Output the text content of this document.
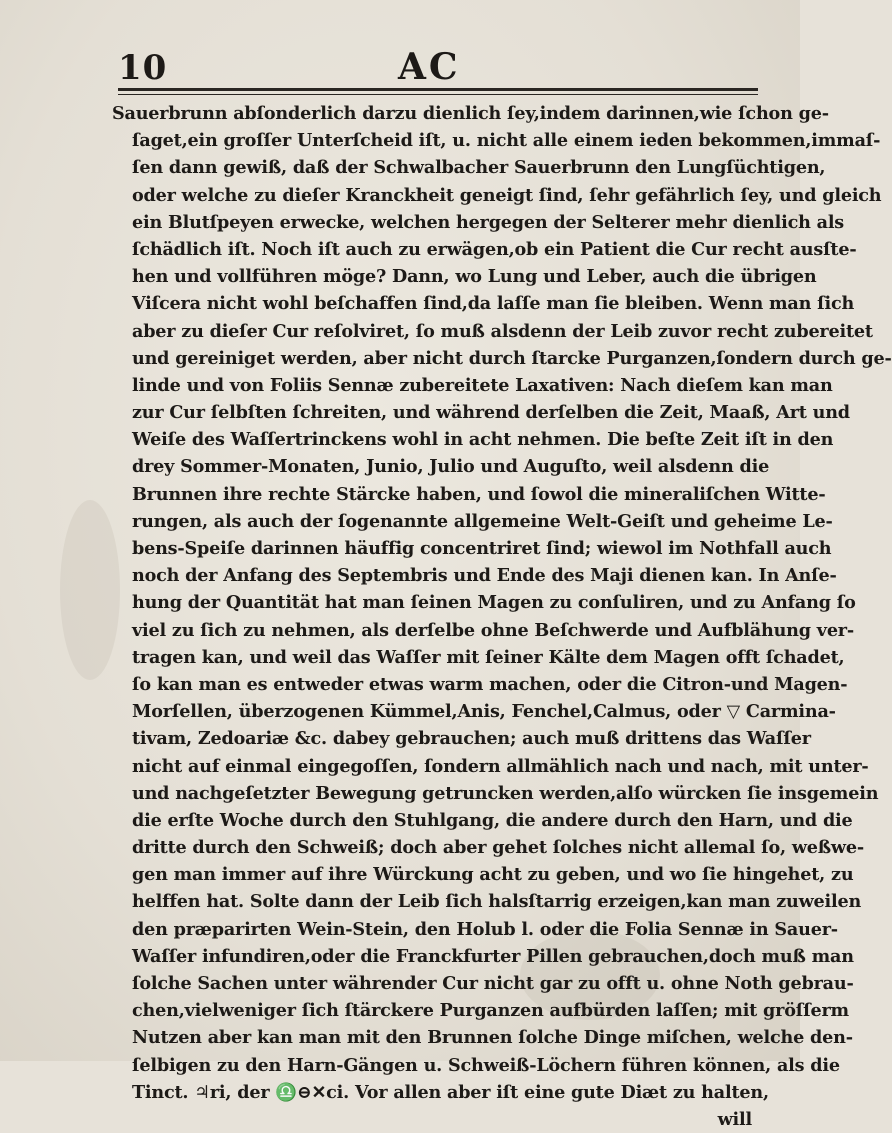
10	AC
Sauerbrunn abſonderlich darzu dienlich ſey,indem darinnen,wie ſchon ge-
ſaget,ein groſſer Unterſcheid iſt, u. nicht alle einem ieden bekommen,immaſ-
ſen dann gewiß, daß der Schwalbacher Sauerbrunn den Lungſüchtigen,
oder welche zu dieſer Kranckheit geneigt ſind, ſehr gefährlich ſey, und gleich
ein Blutſpeyen erwecke, welchen hergegen der Selterer mehr dienlich als
ſchädlich iſt. Noch iſt auch zu erwägen,ob ein Patient die Cur recht ausſte-
hen und vollführen möge? Dann, wo Lung und Leber, auch die übrigen
Viſcera nicht wohl beſchaffen ſind,da laſſe man ſie bleiben. Wenn man ſich
aber zu dieſer Cur reſolviret, ſo muß alsdenn der Leib zuvor recht zubereitet
und gereiniget werden, aber nicht durch ſtarcke Purganzen,ſondern durch ge-
linde und von Foliis Sennæ zubereitete Laxativen: Nach dieſem kan man
zur Cur ſelbſten ſchreiten, und während derſelben die Zeit, Maaß, Art und
Weiſe des Waſſertrinckens wohl in acht nehmen. Die beſte Zeit iſt in den
drey Sommer-Monaten, Junio, Julio und Auguſto, weil alsdenn die
Brunnen ihre rechte Stärcke haben, und ſowol die mineraliſchen Witte-
rungen, als auch der ſogenannte allgemeine Welt-Geiſt und geheime Le-
bens-Speiſe darinnen häuffig concentriret ſind; wiewol im Nothfall auch
noch der Anfang des Septembris und Ende des Maji dienen kan. In Anſe-
hung der Quantität hat man ſeinen Magen zu conſuliren, und zu Anfang ſo
viel zu ſich zu nehmen, als derſelbe ohne Beſchwerde und Aufblähung ver-
tragen kan, und weil das Waſſer mit ſeiner Kälte dem Magen offt ſchadet,
ſo kan man es entweder etwas warm machen, oder die Citron-und Magen-
Morſellen, überzogenen Kümmel,Anis, Fenchel,Calmus, oder ▽ Carmina-
tivam, Zedoariæ &c. dabey gebrauchen; auch muß drittens das Waſſer
nicht auf einmal eingegoſſen, ſondern allmählich nach und nach, mit unter-
und nachgeſetzter Bewegung getruncken werden,alſo würcken ſie insgemein
die erſte Woche durch den Stuhlgang, die andere durch den Harn, und die
dritte durch den Schweiß; doch aber gehet ſolches nicht allemal ſo, weßwe-
gen man immer auf ihre Würckung acht zu geben, und wo ſie hingehet, zu
helffen hat. Solte dann der Leib ſich halsſtarrig erzeigen,kan man zuweilen
den præparirten Wein-Stein, den Holub l. oder die Folia Sennæ in Sauer-
Waſſer infundiren,oder die Franckfurter Pillen gebrauchen,doch muß man
ſolche Sachen unter währender Cur nicht gar zu offt u. ohne Noth gebrau-
chen,vielweniger ſich ſtärckere Purganzen aufbürden laſſen; mit gröſſerm
Nutzen aber kan man mit den Brunnen ſolche Dinge miſchen, welche den-
ſelbigen zu den Harn-Gängen u. Schweiß-Löchern führen können, als die
Tinct. ♃ri, der ♎⊖✕ci. Vor allen aber iſt eine gute Diæt zu halten,
will
